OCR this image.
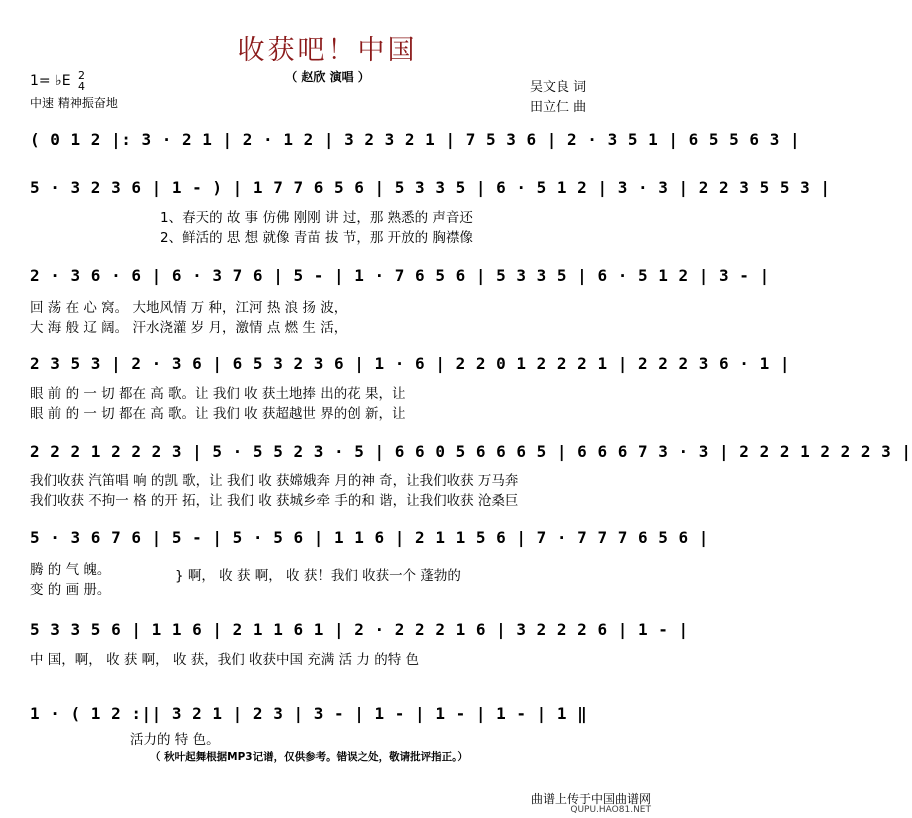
收获吧！中国
（ 赵欣 演唱 ）
1= ♭E 2
4
中速 精神振奋地
吴文良 词
田立仁 曲
( 0 1 2 |: 3 · 2 1 | 2 · 1 2 | 3 2 3 2 1 | 7 5 3 6 | 2 · 3 5 1 | 6 5 5 6 3 |
5 · 3 2 3 6 | 1 - ) | 1 7 7 6 5 6 | 5 3 3 5 | 6 · 5 1 2 | 3 · 3 | 2 2 3 5 5 3 |
1、春天的 故 事 仿佛 刚刚 讲 过，那 熟悉的 声音还
2、鲜活的 思 想 就像 青苗 拔 节，那 开放的 胸襟像
2 · 3 6 · 6 | 6 · 3 7 6 | 5 - | 1 · 7 6 5 6 | 5 3 3 5 | 6 · 5 1 2 | 3 - |
回 荡 在 心 窝。 大地风情 万 种，江河 热 浪 扬 波，
大 海 般 辽 阔。 汗水浇灌 岁 月，激情 点 燃 生 活，
2 3 5 3 | 2 · 3 6 | 6 5 3 2 3 6 | 1 · 6 | 2 2 0 1 2 2 2 1 | 2 2 2 3 6 · 1 |
眼 前 的 一 切 都在 高 歌。让 我们 收 获土地捧 出的花 果，让
眼 前 的 一 切 都在 高 歌。让 我们 收 获超越世 界的创 新，让
2 2 2 1 2 2 2 3 | 5 · 5 5 2 3 · 5 | 6 6 0 5 6 6 6 5 | 6 6 6 7 3 · 3 | 2 2 2 1 2 2 2 3 |
我们收获 汽笛唱 响 的凯 歌，让 我们 收 获嫦娥奔 月的神 奇，让我们收获 万马奔
我们收获 不拘一 格 的开 拓，让 我们 收 获城乡牵 手的和 谐，让我们收获 沧桑巨
5 · 3 6 7 6 | 5 - | 5 · 5 6 | 1 1 6 | 2 1 1 5 6 | 7 · 7 7 7 6 5 6 |
腾 的 气 魄。
变 的 画 册。
} 啊， 收 获 啊， 收 获！我们 收获一个 蓬勃的
5 3 3 5 6 | 1 1 6 | 2 1 1 6 1 | 2 · 2 2 2 1 6 | 3 2 2 2 6 | 1 - |
中 国，啊， 收 获 啊， 收 获，我们 收获中国 充满 活 力 的特 色
1 · ( 1 2 :|| 3 2 1 | 2 3 | 3 - | 1 - | 1 - | 1 - | 1 ‖
活力的 特 色。
（ 秋叶起舞根据MP3记谱，仅供参考。错误之处，敬请批评指正。）
曲谱上传于中国曲谱网
QUPU.HAO81.NET
